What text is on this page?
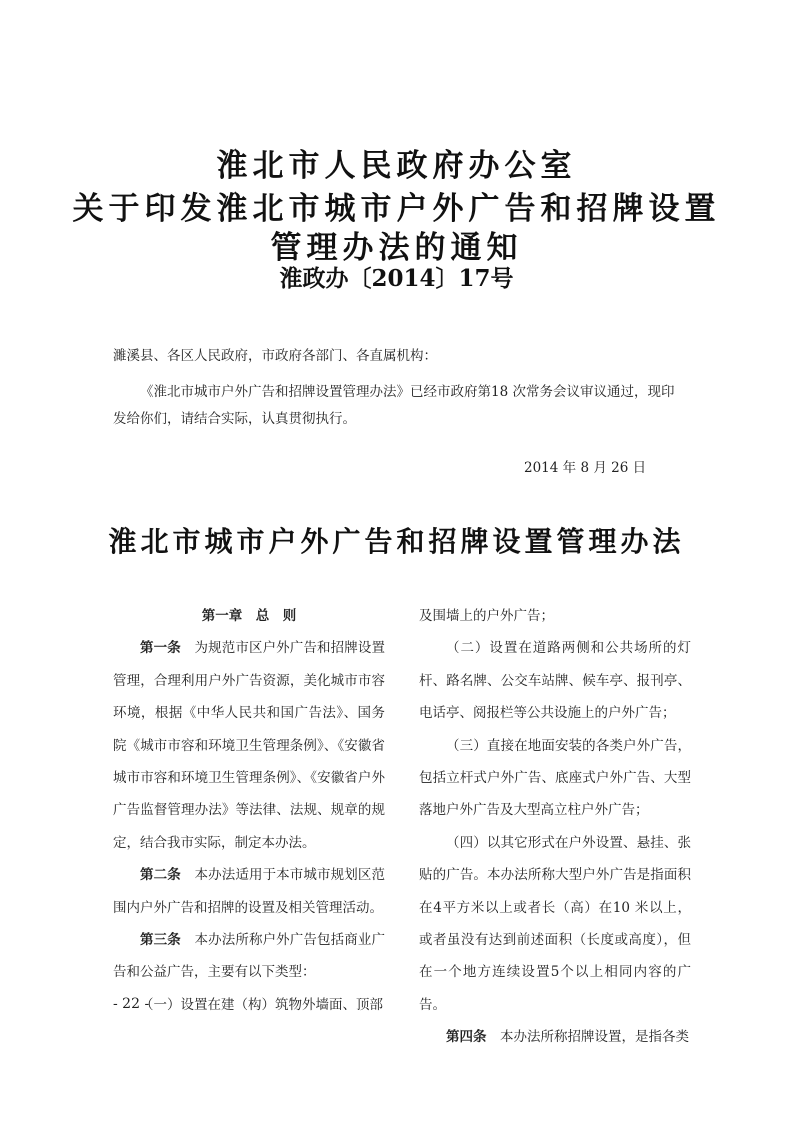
淮北市人民政府办公室
关于印发淮北市城市户外广告和招牌设置
管理办法的通知
淮政办〔2014〕17号
濉溪县、各区人民政府，市政府各部门、各直属机构：
《淮北市城市户外广告和招牌设置管理办法》已经市政府第18 次常务会议审议通过，现印发给你们，请结合实际，认真贯彻执行。
2014 年 8 月 26 日
淮北市城市户外广告和招牌设置管理办法

第一章　总　则

第一条　为规范市区户外广告和招牌设置管理，合理利用户外广告资源，美化城市市容环境，根据《中华人民共和国广告法》、国务院《城市市容和环境卫生管理条例》、《安徽省城市市容和环境卫生管理条例》、《安徽省户外广告监督管理办法》等法律、法规、规章的规定，结合我市实际，制定本办法。

第二条　本办法适用于本市城市规划区范围内户外广告和招牌的设置及相关管理活动。

第三条　本办法所称户外广告包括商业广告和公益广告，主要有以下类型：

（一）设置在建（构）筑物外墙面、顶部

及围墙上的户外广告；

（二）设置在道路两侧和公共场所的灯杆、路名牌、公交车站牌、候车亭、报刊亭、电话亭、阅报栏等公共设施上的户外广告；

（三）直接在地面安装的各类户外广告，包括立杆式户外广告、底座式户外广告、大型落地户外广告及大型高立柱户外广告；

（四）以其它形式在户外设置、悬挂、张贴的广告。本办法所称大型户外广告是指面积在4平方米以上或者长（高）在10 米以上，或者虽没有达到前述面积（长度或高度），但在一个地方连续设置5个以上相同内容的广告。

第四条　本办法所称招牌设置，是指各类

- 22 -
